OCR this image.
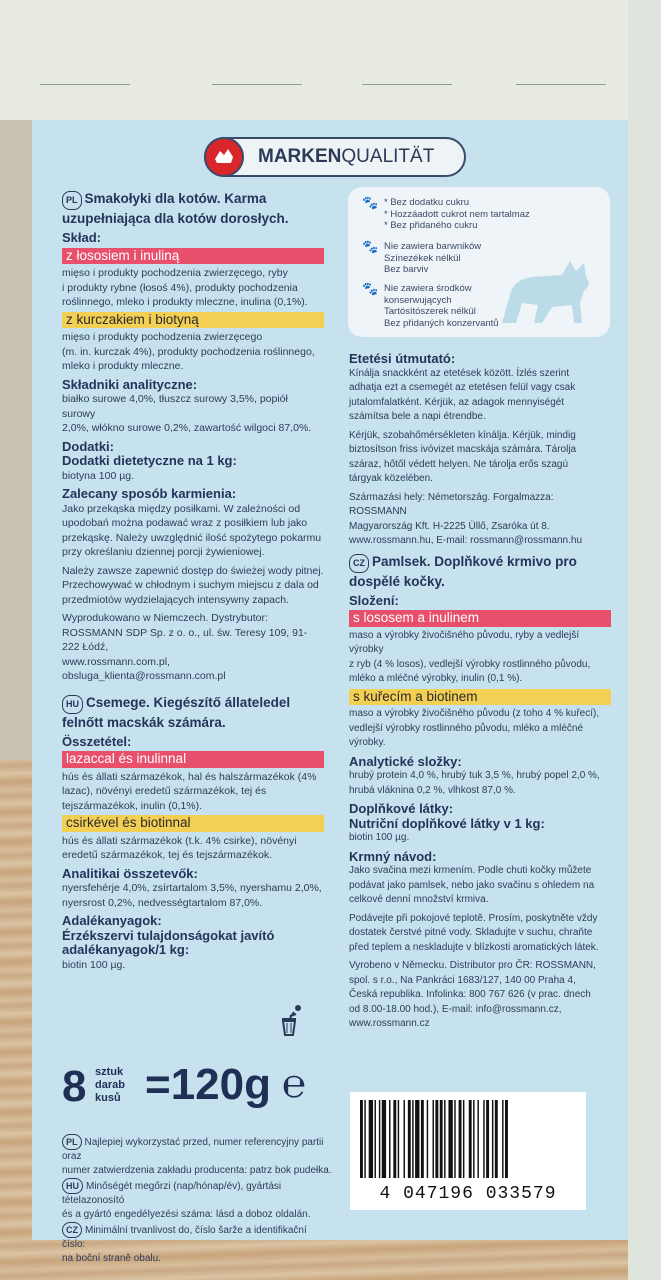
MARKENQUALITÄT
PL Smakołyki dla kotów. Karma
uzupełniająca dla kotów dorosłych.
Skład:
z łososiem i inuliną

mięso i produkty pochodzenia zwierzęcego, ryby

i produkty rybne (łosoś 4%), produkty pochodzenia

roślinnego, mleko i produkty mleczne, inulina (0,1%).

z kurczakiem i biotyną

mięso i produkty pochodzenia zwierzęcego

(m. in. kurczak 4%), produkty pochodzenia roślinnego,

mleko i produkty mleczne.

Składniki analityczne:

białko surowe 4,0%, tłuszcz surowy 3,5%, popiół surowy

2,0%, włókno surowe 0,2%, zawartość wilgoci 87,0%.

Dodatki:
Dodatki dietetyczne na 1 kg:

biotyna 100 µg.

Zalecany sposób karmienia:

Jako przekąska między posiłkami. W zależności od

upodobań można podawać wraz z posiłkiem lub jako

przekąskę. Należy uwzględnić ilość spożytego pokarmu

przy określaniu dziennej porcji żywieniowej.

Należy zawsze zapewnić dostęp do świeżej wody pitnej.

Przechowywać w chłodnym i suchym miejscu z dala od

przedmiotów wydzielających intensywny zapach.

Wyprodukowano w Niemczech. Dystrybutor:

ROSSMANN SDP Sp. z o. o., ul. św. Teresy 109, 91-222 Łódź,

www.rossmann.com.pl, obsluga_klienta@rossmann.com.pl

HU Csemege. Kiegészítő állateledel
felnőtt macskák számára.
Összetétel:
lazaccal és inulinnal

hús és állati származékok, hal és halszármazékok (4%

lazac), növényi eredetű származékok, tej és

tejszármazékok, inulin (0,1%).

csirkével és biotinnal

hús és állati származékok (t.k. 4% csirke), növényi

eredetű származékok, tej és tejszármazékok.

Analitikai összetevők:

nyersfehérje 4,0%, zsírtartalom 3,5%, nyershamu 2,0%,

nyersrost 0,2%, nedvességtartalom 87,0%.

Adalékanyagok:
Érzékszervi tulajdonságokat javító
adalékanyagok/1 kg:

biotin 100 µg.

8 sztuk
darab
kusů =120g ℮

PL Najlepiej wykorzystać przed, numer referencyjny partii oraz

numer zatwierdzenia zakładu producenta: patrz bok pudełka.

HU Minőségét megőrzi (nap/hónap/év), gyártási tételazonosító

és a gyártó engedélyezési száma: lásd a doboz oldalán.

CZ Minimální trvanlivost do, číslo šarže a identifikační číslo:

na boční straně obalu.

🐾 * Bez dodatku cukru
* Hozzáadott cukrot nem tartalmaz
* Bez přidaného cukru
🐾 Nie zawiera barwników
Színezékek nélkül
Bez barviv
🐾 Nie zawiera środków
konserwujących
Tartósítószerek nélkül
Bez přidaných konzervantů
Etetési útmutató:

Kínálja snackként az etetések között. Ízlés szerint

adhatja ezt a csemegét az etetésen felül vagy csak

jutalomfalatként. Kérjük, az adagok mennyiségét

számítsa bele a napi étrendbe.

Kérjük, szobahőmérsékleten kínálja. Kérjük, mindig

biztosítson friss ivóvizet macskája számára. Tárolja

száraz, hőtől védett helyen. Ne tárolja erős szagú

tárgyak közelében.

Származási hely: Németország. Forgalmazza: ROSSMANN

Magyarország Kft. H-2225 Üllő, Zsaróka út 8.

www.rossmann.hu, E-mail: rossmann@rossmann.hu

CZ Pamlsek. Doplňkové krmivo pro
dospělé kočky.
Složení:
s lososem a inulinem

maso a výrobky živočišného původu, ryby a vedlejší výrobky

z ryb (4 % losos), vedlejší výrobky rostlinného původu,

mléko a mléčné výrobky, inulin (0,1 %).

s kuřecím a biotinem

maso a výrobky živočišného původu (z toho 4 % kuřecí),

vedlejší výrobky rostlinného původu, mléko a mléčné výrobky.

Analytické složky:

hrubý protein 4,0 %, hrubý tuk 3,5 %, hrubý popel 2,0 %,

hrubá vláknina 0,2 %, vlhkost 87,0 %.

Doplňkové látky:
Nutriční doplňkové látky v 1 kg:

biotin 100 µg.

Krmný návod:

Jako svačina mezi krmením. Podle chuti kočky můžete

podávat jako pamlsek, nebo jako svačinu s ohledem na

celkové denní množství krmiva.

Podávejte při pokojové teplotě. Prosím, poskytněte vždy

dostatek čerstvé pitné vody. Skladujte v suchu, chraňte

před teplem a neskladujte v blízkosti aromatických látek.

Vyrobeno v Německu. Distributor pro ČR: ROSSMANN,

spol. s r.o., Na Pankráci 1683/127, 140 00 Praha 4,

Česká republika. Infolinka: 800 767 626 (v prac. dnech

od 8.00-18.00 hod.), E-mail: info@rossmann.cz,

www.rossmann.cz

4 047196 033579
